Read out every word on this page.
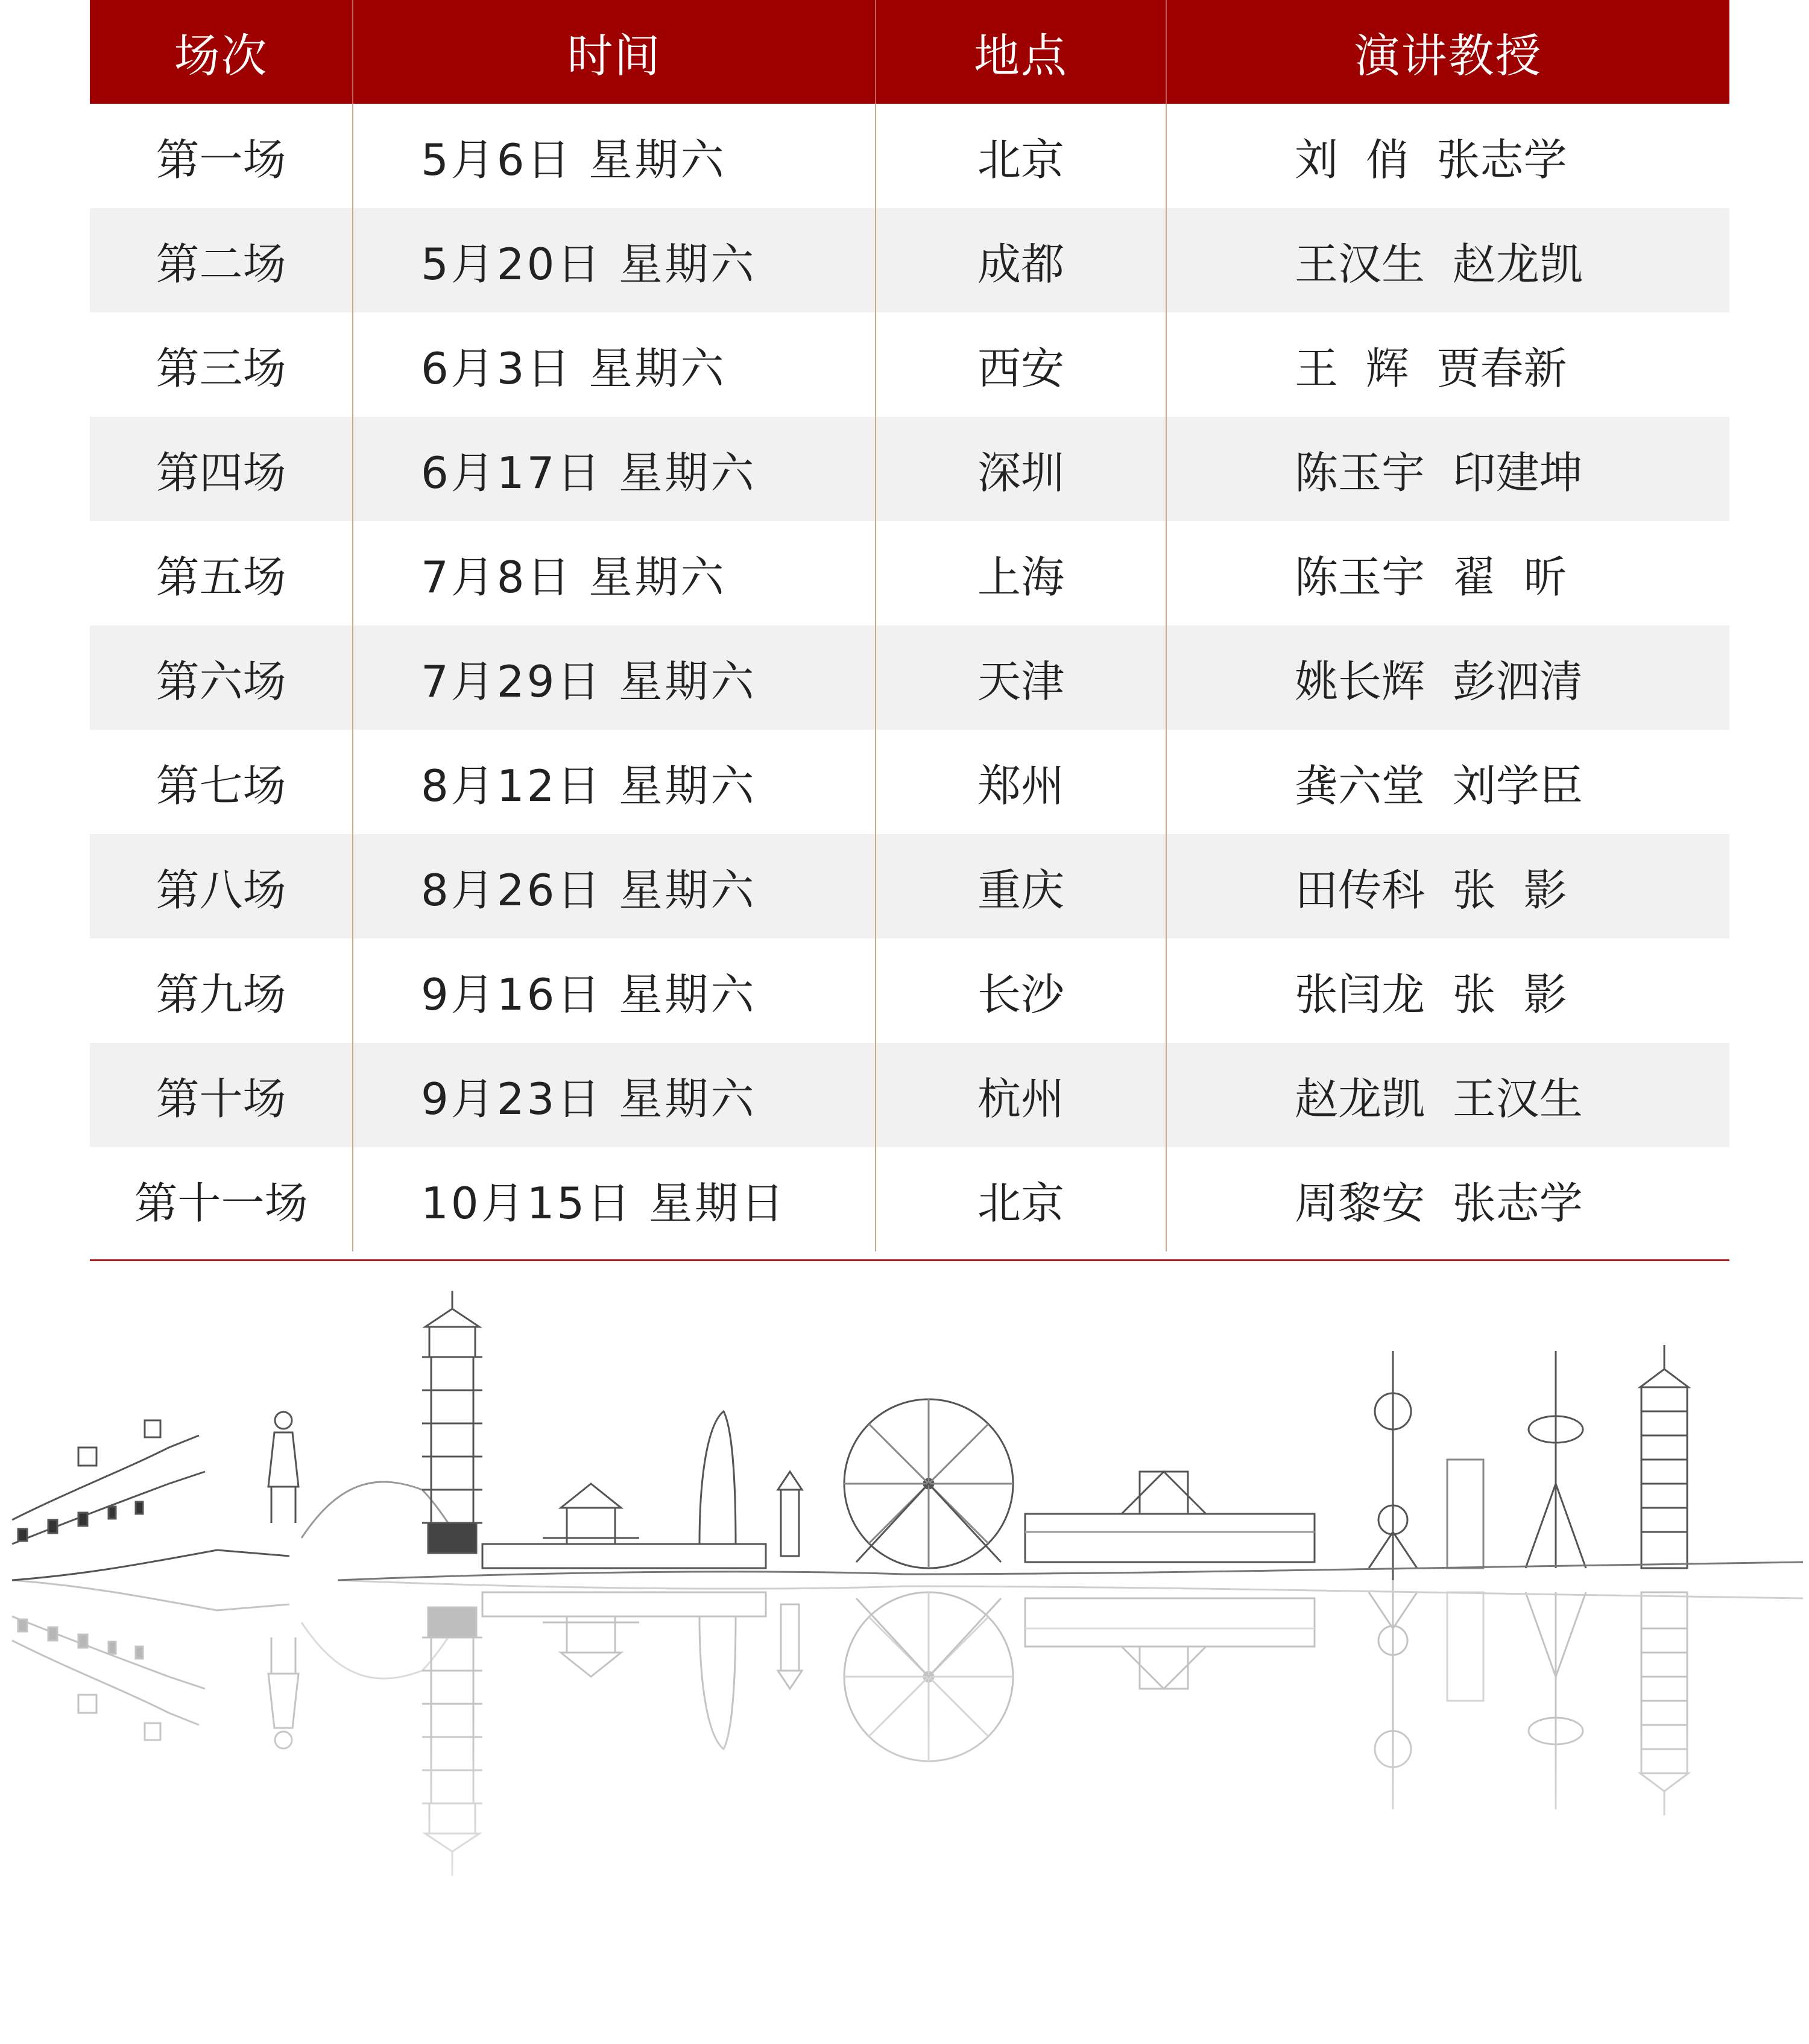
场次	时间	地点	演讲教授
第一场	5月6日 星期六	北京	刘  俏  张志学
第二场	5月20日 星期六	成都	王汉生  赵龙凯
第三场	6月3日 星期六	西安	王  辉  贾春新
第四场	6月17日 星期六	深圳	陈玉宇  印建坤
第五场	7月8日 星期六	上海	陈玉宇  翟  昕
第六场	7月29日 星期六	天津	姚长辉  彭泗清
第七场	8月12日 星期六	郑州	龚六堂  刘学臣
第八场	8月26日 星期六	重庆	田传科  张  影
第九场	9月16日 星期六	长沙	张闫龙  张  影
第十场	9月23日 星期六	杭州	赵龙凯  王汉生
第十一场	10月15日 星期日	北京	周黎安  张志学
